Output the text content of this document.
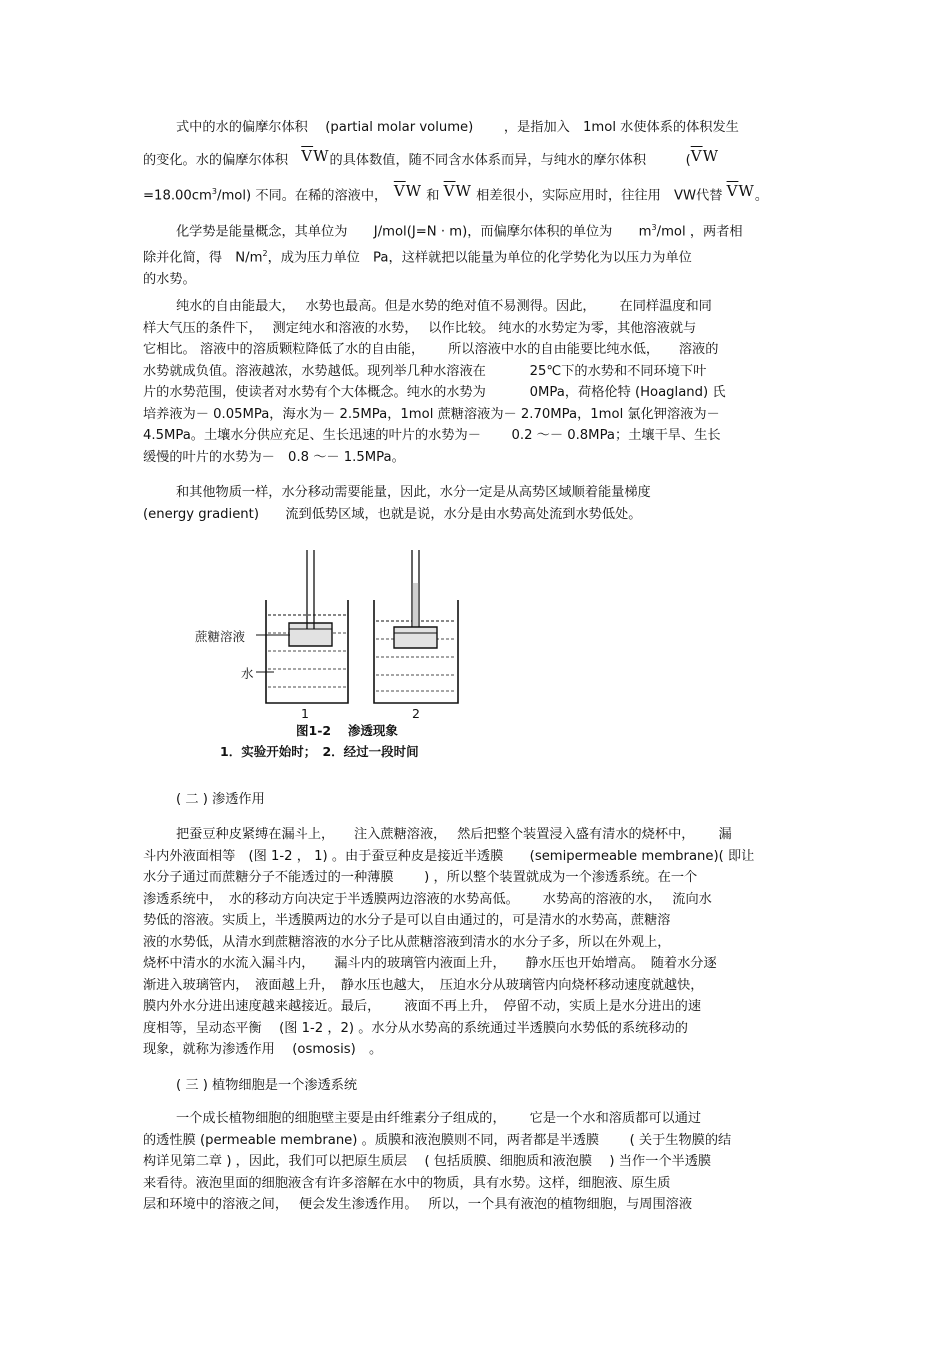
式中的水的偏摩尔体积　 (partial molar volume)　　 ，是指加入　1mol 水使体系的体积发生
的变化。水的偏摩尔体积　$\overline{V}W$的具体数值，随不同含水体系而异，与纯水的摩尔体积　　　($\overline{V}W$
$=18.00cm^3/mol$) 不同。在稀的溶液中，　$\overline{V}W$ 和 $\overline{V}W$ 相差很小，实际应用时，往往用　VW代替 $\overline{V}W$。
化学势是能量概念，其单位为　　J/mol(J=N · m)，而偏摩尔体积的单位为　　$m^3$/mol ，两者相
除并化简，得　$N/m^2$，成为压力单位　Pa，这样就把以能量为单位的化学势化为以压力为单位
的水势。
纯水的自由能最大，　 水势也最高。但是水势的绝对值不易测得。因此，　　 在同样温度和同
样大气压的条件下，　 测定纯水和溶液的水势，　 以作比较。 纯水的水势定为零，其他溶液就与
它相比。 溶液中的溶质颗粒降低了水的自由能，　　 所以溶液中水的自由能要比纯水低，　　溶液的
水势就成负值。溶液越浓，水势越低。现列举几种水溶液在　　　 25℃下的水势和不同环境下叶
片的水势范围，使读者对水势有个大体概念。纯水的水势为　　　 0MPa，荷格伦特 (Hoagland) 氏
培养液为－ 0.05MPa，海水为－ 2.5MPa，1mol 蔗糖溶液为－ 2.70MPa，1mol 氯化钾溶液为－
4.5MPa。土壤水分供应充足、生长迅速的叶片的水势为－　　 0.2 ～－ 0.8MPa；土壤干旱、生长
缓慢的叶片的水势为－　0.8 ～－ 1.5MPa。
和其他物质一样，水分移动需要能量，因此，水分一定是从高势区域顺着能量梯度
(energy gradient)　　流到低势区域，也就是说，水分是由水势高处流到水势低处。
蔗糖溶液
水
1	2
图1-2　 渗透现象
1．实验开始时；　2．经过一段时间
( 二 ) 渗透作用
把蚕豆种皮紧缚在漏斗上，　　注入蔗糖溶液，　 然后把整个装置浸入盛有清水的烧杯中，　　 漏
斗内外液面相等　(图 1-2 ， 1) 。由于蚕豆种皮是接近半透膜　　(semipermeable membrane)( 即让
水分子通过而蔗糖分子不能透过的一种薄膜　　 ) ，所以整个装置就成为一个渗透系统。在一个
渗透系统中，　水的移动方向决定于半透膜两边溶液的水势高低。　　 水势高的溶液的水，　 流向水
势低的溶液。实质上，半透膜两边的水分子是可以自由通过的，可是清水的水势高，蔗糖溶
液的水势低，从清水到蔗糖溶液的水分子比从蔗糖溶液到清水的水分子多，所以在外观上，
烧杯中清水的水流入漏斗内，　　漏斗内的玻璃管内液面上升，　　静水压也开始增高。　随着水分逐
渐进入玻璃管内，　液面越上升，　静水压也越大，　压迫水分从玻璃管内向烧杯移动速度就越快，
膜内外水分进出速度越来越接近。最后，　　 液面不再上升，　停留不动，实质上是水分进出的速
度相等，呈动态平衡　 (图 1-2 ，2) 。水分从水势高的系统通过半透膜向水势低的系统移动的
现象，就称为渗透作用　 (osmosis)　。
( 三 ) 植物细胞是一个渗透系统
一个成长植物细胞的细胞壁主要是由纤维素分子组成的，　　 它是一个水和溶质都可以通过
的透性膜 (permeable membrane) 。质膜和液泡膜则不同，两者都是半透膜　　 ( 关于生物膜的结
构详见第二章 ) ，因此，我们可以把原生质层　 ( 包括质膜、细胞质和液泡膜　 ) 当作一个半透膜
来看待。液泡里面的细胞液含有许多溶解在水中的物质，具有水势。这样，细胞液、原生质
层和环境中的溶液之间，　 便会发生渗透作用。　 所以，一个具有液泡的植物细胞，与周围溶液
